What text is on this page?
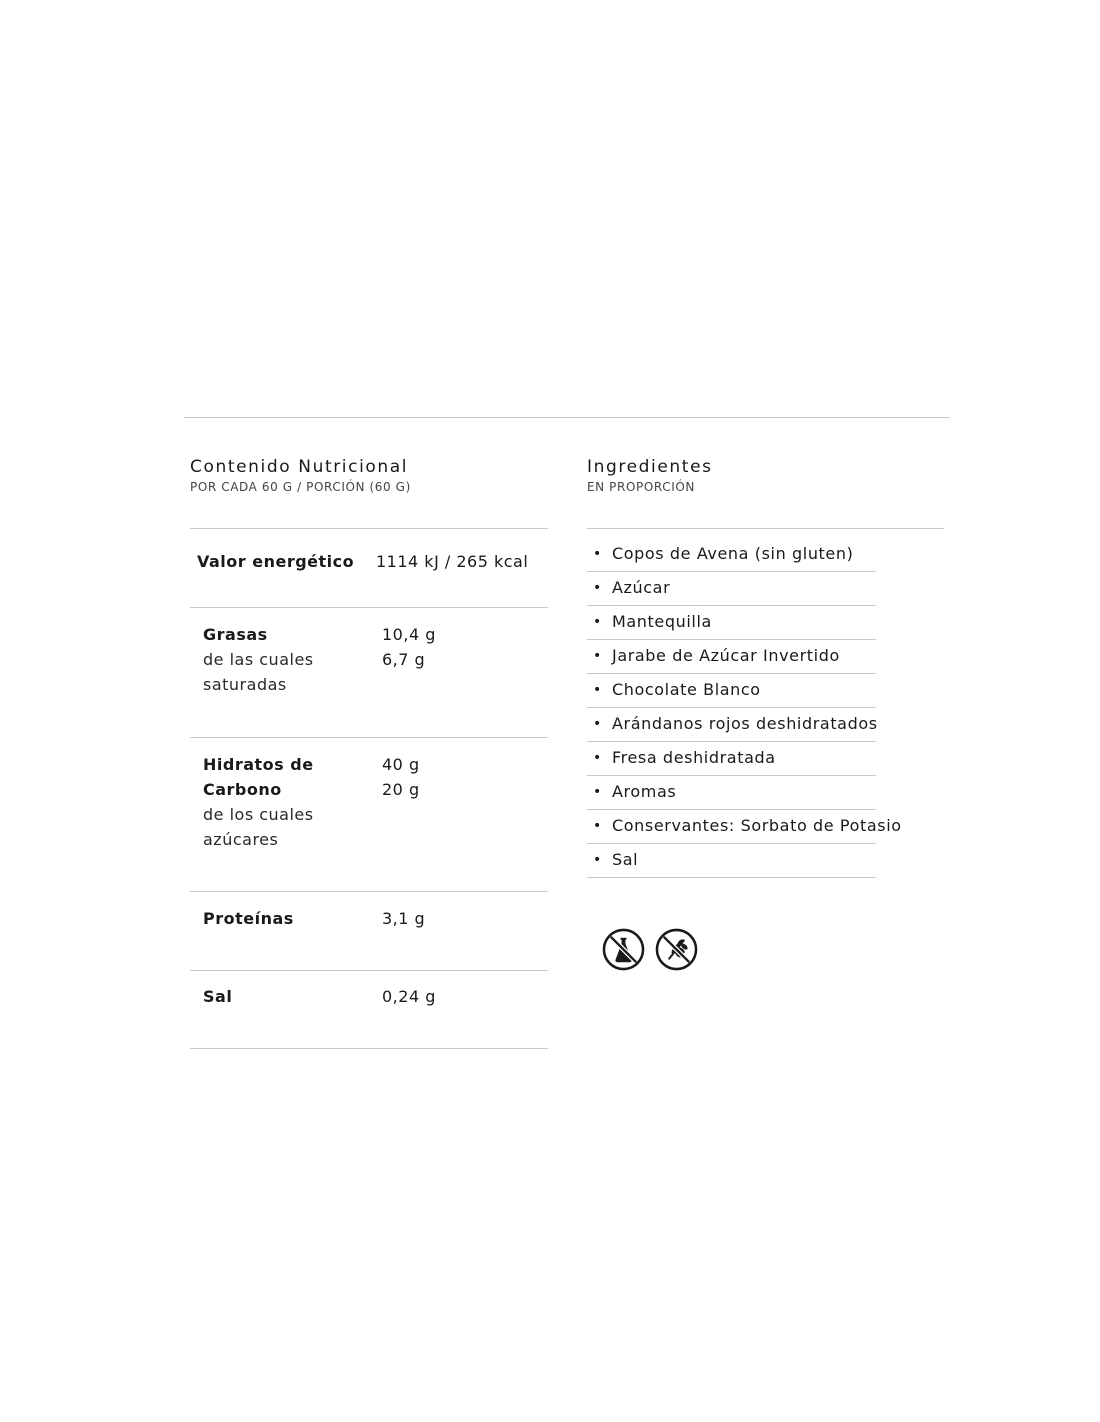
Contenido Nutricional
POR CADA 60 G / PORCIÓN (60 G)
Valor energético 1114 kJ / 265 kcal
Grasas
de las cuales saturadas
10,4 g
6,7 g
Hidratos de Carbono
de los cuales azúcares
40 g
20 g
Proteínas	3,1 g
Sal	0,24 g
Ingredientes
EN PROPORCIÓN
• Copos de Avena (sin gluten)
• Azúcar
• Mantequilla
• Jarabe de Azúcar Invertido
• Chocolate Blanco
• Arándanos rojos deshidratados
• Fresa deshidratada
• Aromas
• Conservantes: Sorbato de Potasio
• Sal
